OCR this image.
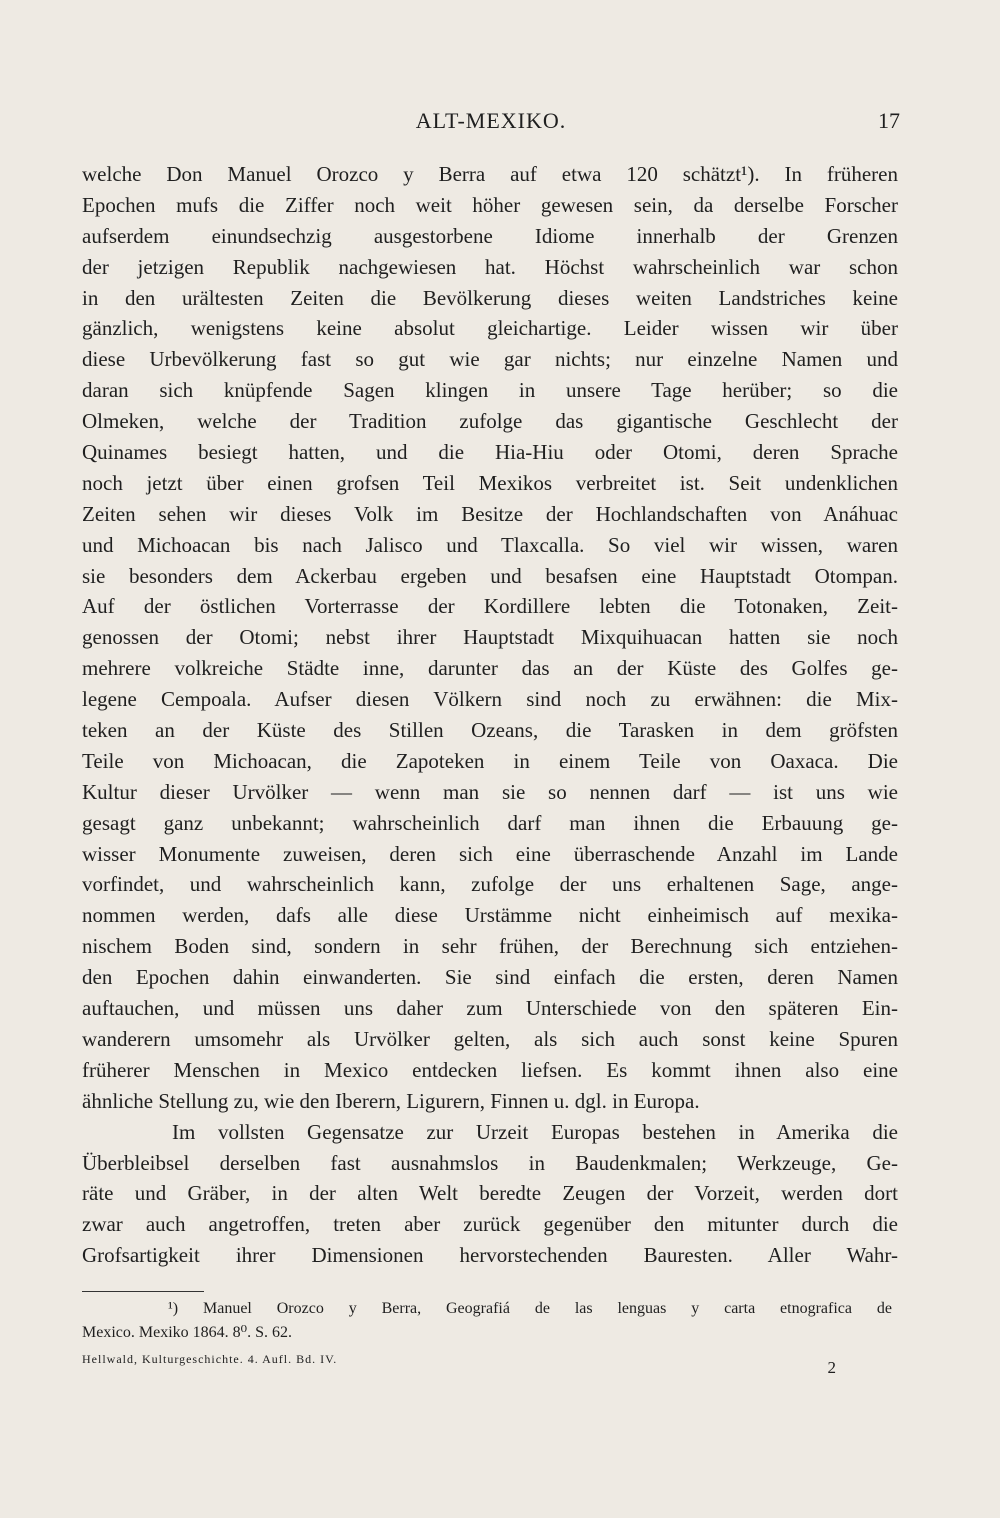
ALT-MEXIKO.	17
welche Don Manuel Orozco y Berra auf etwa 120 schätzt¹). In früheren
Epochen mufs die Ziffer noch weit höher gewesen sein, da derselbe Forscher
aufserdem einundsechzig ausgestorbene Idiome innerhalb der Grenzen
der jetzigen Republik nachgewiesen hat. Höchst wahrscheinlich war schon
in den urältesten Zeiten die Bevölkerung dieses weiten Landstriches keine
gänzlich, wenigstens keine absolut gleichartige. Leider wissen wir über
diese Urbevölkerung fast so gut wie gar nichts; nur einzelne Namen und
daran sich knüpfende Sagen klingen in unsere Tage herüber; so die
Olmeken, welche der Tradition zufolge das gigantische Geschlecht der
Quinames besiegt hatten, und die Hia-Hiu oder Otomi, deren Sprache
noch jetzt über einen grofsen Teil Mexikos verbreitet ist. Seit undenklichen
Zeiten sehen wir dieses Volk im Besitze der Hochlandschaften von Anáhuac
und Michoacan bis nach Jalisco und Tlaxcalla. So viel wir wissen, waren
sie besonders dem Ackerbau ergeben und besafsen eine Hauptstadt Otompan.
Auf der östlichen Vorterrasse der Kordillere lebten die Totonaken, Zeit-
genossen der Otomi; nebst ihrer Hauptstadt Mixquihuacan hatten sie noch
mehrere volkreiche Städte inne, darunter das an der Küste des Golfes ge-
legene Cempoala. Aufser diesen Völkern sind noch zu erwähnen: die Mix-
teken an der Küste des Stillen Ozeans, die Tarasken in dem gröfsten
Teile von Michoacan, die Zapoteken in einem Teile von Oaxaca. Die
Kultur dieser Urvölker — wenn man sie so nennen darf — ist uns wie
gesagt ganz unbekannt; wahrscheinlich darf man ihnen die Erbauung ge-
wisser Monumente zuweisen, deren sich eine überraschende Anzahl im Lande
vorfindet, und wahrscheinlich kann, zufolge der uns erhaltenen Sage, ange-
nommen werden, dafs alle diese Urstämme nicht einheimisch auf mexika-
nischem Boden sind, sondern in sehr frühen, der Berechnung sich entziehen-
den Epochen dahin einwanderten. Sie sind einfach die ersten, deren Namen
auftauchen, und müssen uns daher zum Unterschiede von den späteren Ein-
wanderern umsomehr als Urvölker gelten, als sich auch sonst keine Spuren
früherer Menschen in Mexico entdecken liefsen. Es kommt ihnen also eine
ähnliche Stellung zu, wie den Iberern, Ligurern, Finnen u. dgl. in Europa.
Im vollsten Gegensatze zur Urzeit Europas bestehen in Amerika die
Überbleibsel derselben fast ausnahmslos in Baudenkmalen; Werkzeuge, Ge-
räte und Gräber, in der alten Welt beredte Zeugen der Vorzeit, werden dort
zwar auch angetroffen, treten aber zurück gegenüber den mitunter durch die
Grofsartigkeit ihrer Dimensionen hervorstechenden Bauresten. Aller Wahr-
¹) Manuel Orozco y Berra, Geografiá de las lenguas y carta etnografica de
Mexico. Mexiko 1864. 8⁰. S. 62.
Hellwald, Kulturgeschichte. 4. Aufl. Bd. IV.	2
